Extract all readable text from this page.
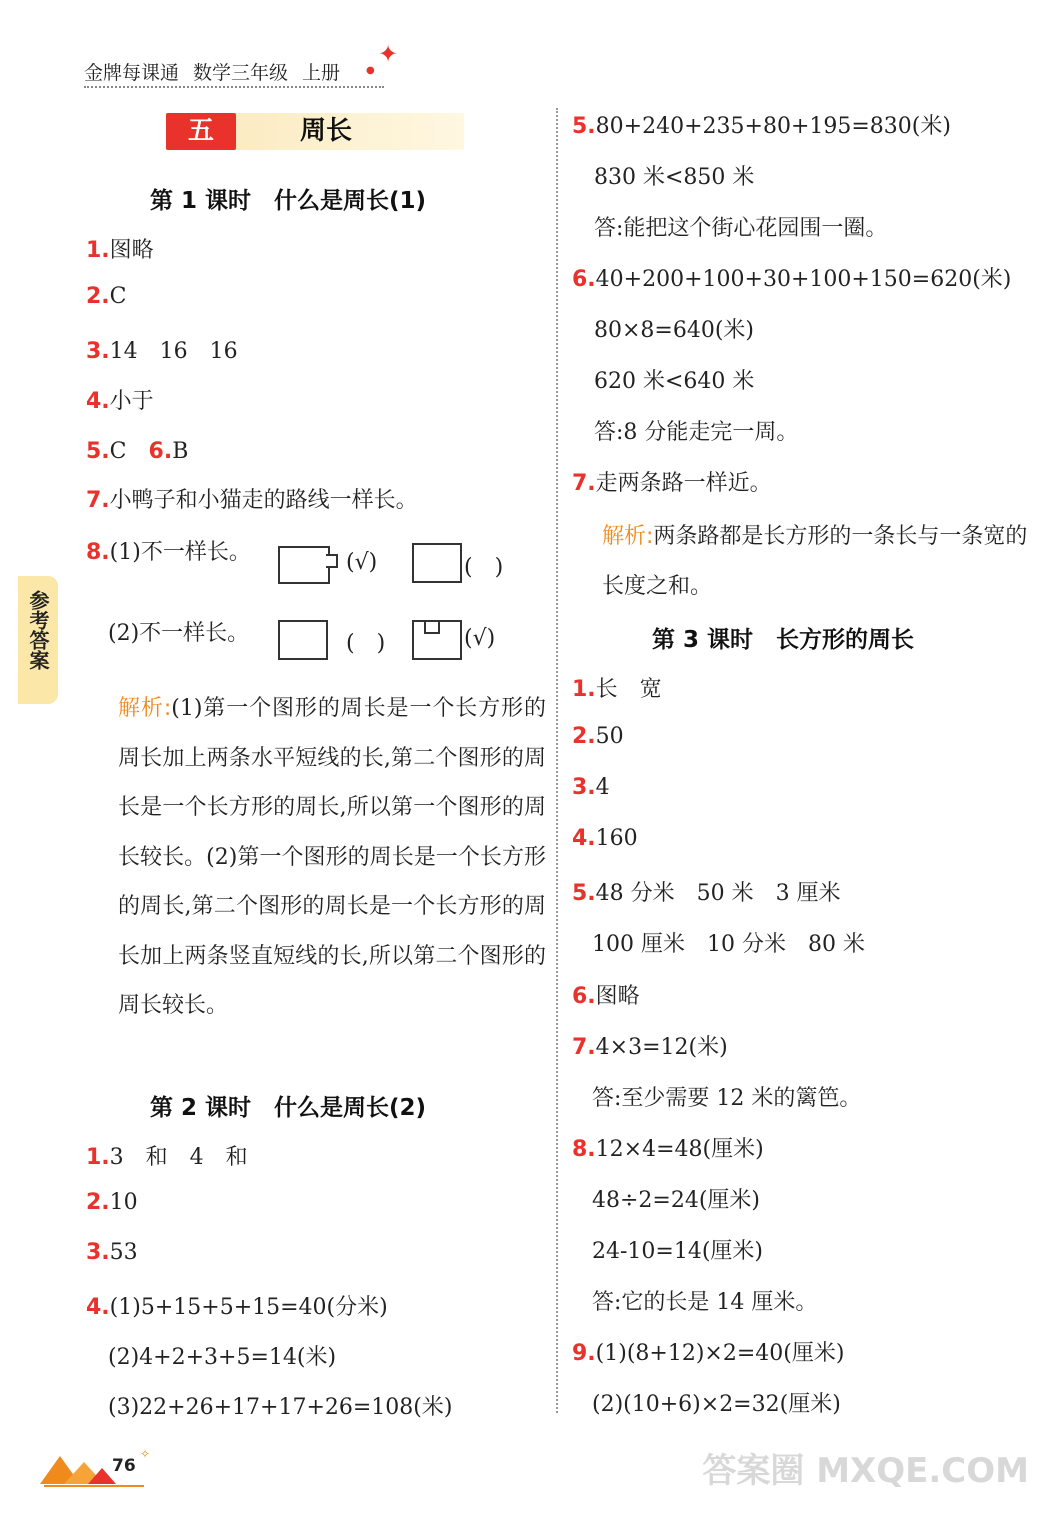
金牌每课通 数学三年级 上册
✦
●
五	周长
第 1 课时　什么是周长(1)
1.图略
2.C
3.14　16　16
4.小于
5.C　6.B
7.小鸭子和小猫走的路线一样长。
8.(1)不一样长。	(√)	(　)
(2)不一样长。	(　)	(√)
解析:(1)第一个图形的周长是一个长方形的周长加上两条水平短线的长,第二个图形的周长是一个长方形的周长,所以第一个图形的周长较长。(2)第一个图形的周长是一个长方形的周长,第二个图形的周长是一个长方形的周长加上两条竖直短线的长,所以第二个图形的周长较长。
第 2 课时　什么是周长(2)
1.3　和　4　和
2.10
3.53
4.(1)5+15+5+15=40(分米)
(2)4+2+3+5=14(米)
(3)22+26+17+17+26=108(米)
5.80+240+235+80+195=830(米)
830 米<850 米
答:能把这个街心花园围一圈。
6.40+200+100+30+100+150=620(米)
80×8=640(米)
620 米<640 米
答:8 分能走完一周。
7.走两条路一样近。
解析:两条路都是长方形的一条长与一条宽的长度之和。
第 3 课时　长方形的周长
1.长　宽
2.50
3.4
4.160
5.48 分米　50 米　3 厘米
100 厘米　10 分米　80 米
6.图略
7.4×3=12(米)
答:至少需要 12 米的篱笆。
8.12×4=48(厘米)
48÷2=24(厘米)
24-10=14(厘米)
答:它的长是 14 厘米。
9.(1)(8+12)×2=40(厘米)
(2)(10+6)×2=32(厘米)
参考答案
✧
76	答案圈 MXQE.COM
